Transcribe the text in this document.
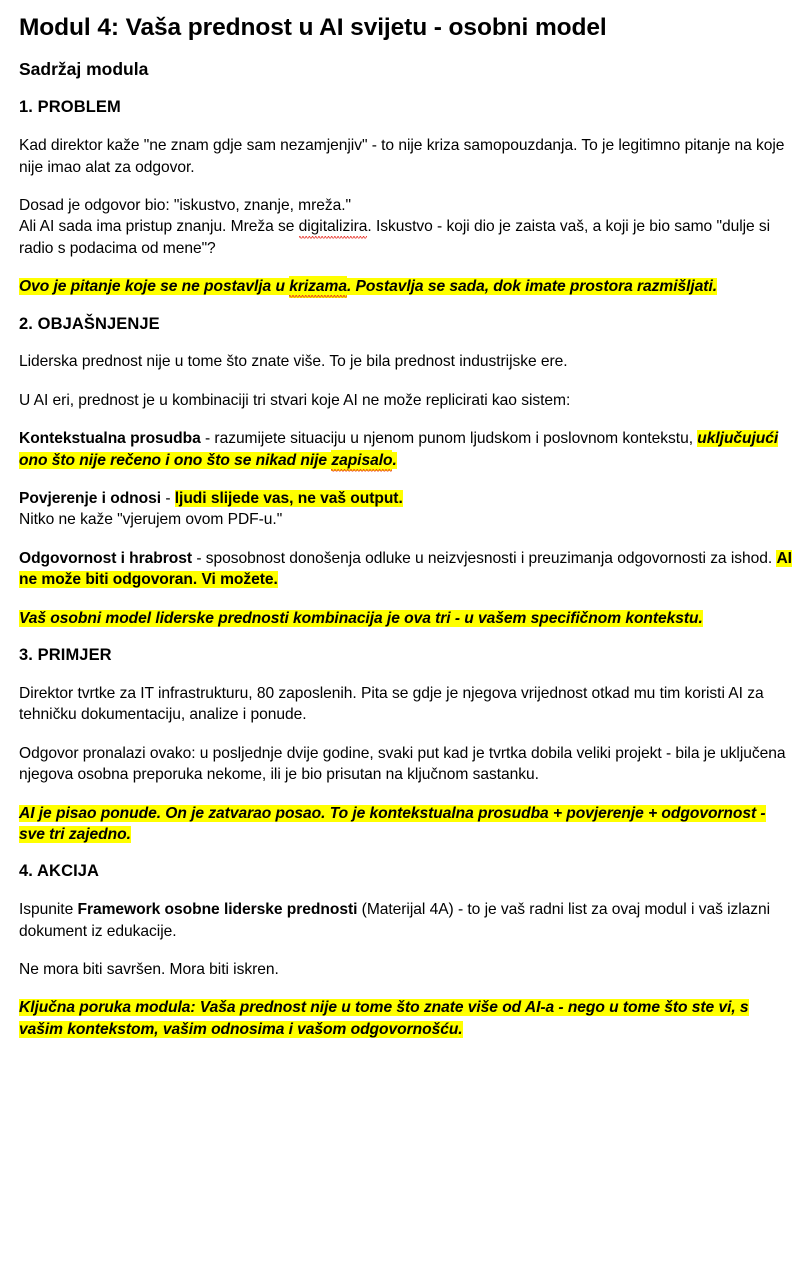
Modul 4: Vaša prednost u AI svijetu - osobni model
Sadržaj modula
1. PROBLEM

Kad direktor kaže "ne znam gdje sam nezamjenjiv" - to nije kriza samopouzdanja. To je legitimno pitanje na koje nije imao alat za odgovor.

Dosad je odgovor bio: "iskustvo, znanje, mreža."
Ali AI sada ima pristup znanju. Mreža se digitalizira. Iskustvo - koji dio je zaista vaš, a koji je bio samo "dulje si radio s podacima od mene"?

Ovo je pitanje koje se ne postavlja u krizama. Postavlja se sada, dok imate prostora razmišljati.

2. OBJAŠNJENJE

Liderska prednost nije u tome što znate više. To je bila prednost industrijske ere.

U AI eri, prednost je u kombinaciji tri stvari koje AI ne može replicirati kao sistem:

Kontekstualna prosudba - razumijete situaciju u njenom punom ljudskom i poslovnom kontekstu, uključujući ono što nije rečeno i ono što se nikad nije zapisalo.

Povjerenje i odnosi - ljudi slijede vas, ne vaš output.
Nitko ne kaže "vjerujem ovom PDF-u."

Odgovornost i hrabrost - sposobnost donošenja odluke u neizvjesnosti i preuzimanja odgovornosti za ishod. AI ne može biti odgovoran. Vi možete.

Vaš osobni model liderske prednosti kombinacija je ova tri - u vašem specifičnom kontekstu.

3. PRIMJER

Direktor tvrtke za IT infrastrukturu, 80 zaposlenih. Pita se gdje je njegova vrijednost otkad mu tim koristi AI za tehničku dokumentaciju, analize i ponude.

Odgovor pronalazi ovako: u posljednje dvije godine, svaki put kad je tvrtka dobila veliki projekt - bila je uključena njegova osobna preporuka nekome, ili je bio prisutan na ključnom sastanku.

AI je pisao ponude. On je zatvarao posao. To je kontekstualna prosudba + povjerenje + odgovornost - sve tri zajedno.

4. AKCIJA

Ispunite Framework osobne liderske prednosti (Materijal 4A) - to je vaš radni list za ovaj modul i vaš izlazni dokument iz edukacije.

Ne mora biti savršen. Mora biti iskren.

Ključna poruka modula: Vaša prednost nije u tome što znate više od AI-a - nego u tome što ste vi, s vašim kontekstom, vašim odnosima i vašom odgovornošću.
